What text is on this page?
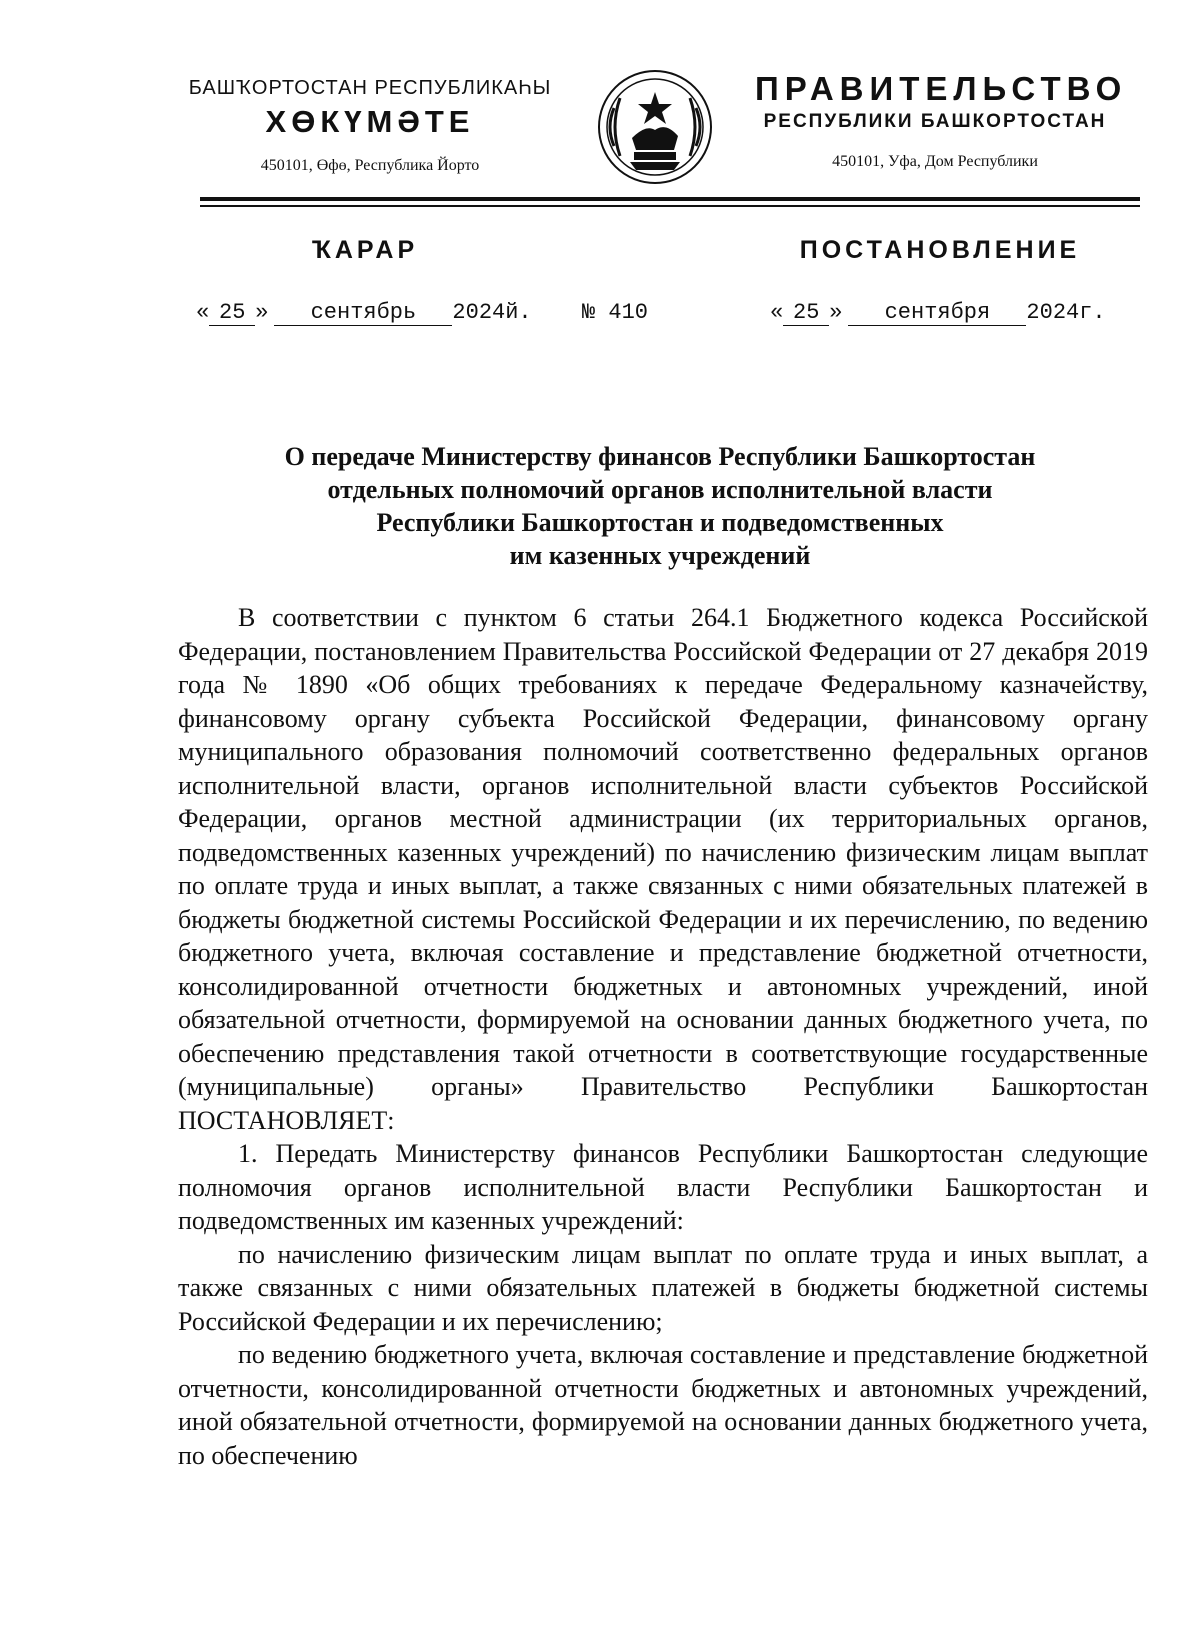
БАШҠОРТОСТАН РЕСПУБЛИКАҺЫ
ХӨКҮМӘТЕ
450101, Өфө, Республика Йорто
ПРАВИТЕЛЬСТВО
РЕСПУБЛИКИ БАШКОРТОСТАН
450101, Уфа, Дом Республики
ҠАРАР	ПОСТАНОВЛЕНИЕ
« 25 » сентябрь 2024й. № 410	« 25 » сентября 2024г.
О передаче Министерству финансов Республики Башкортостан
отдельных полномочий органов исполнительной власти
Республики Башкортостан и подведомственных
им казенных учреждений

В соответствии с пунктом 6 статьи 264.1 Бюджетного кодекса Российской Федерации, постановлением Правительства Российской Федерации от 27 декабря 2019 года № 1890 «Об общих требованиях к передаче Федеральному казначейству, финансовому органу субъекта Российской Федерации, финансовому органу муниципального образования полномочий соответственно федеральных органов исполнительной власти, органов исполнительной власти субъектов Российской Федерации, органов местной администрации (их территориальных органов, подведомственных казенных учреждений) по начислению физическим лицам выплат по оплате труда и иных выплат, а также связанных с ними обязательных платежей в бюджеты бюджетной системы Российской Федерации и их перечислению, по ведению бюджетного учета, включая составление и представление бюджетной отчетности, консолидированной отчетности бюджетных и автономных учреждений, иной обязательной отчетности, формируемой на основании данных бюджетного учета, по обеспечению представления такой отчетности в соответствующие государственные (муниципальные) органы» Правительство Республики Башкортостан ПОСТАНОВЛЯЕТ:

1. Передать Министерству финансов Республики Башкортостан следующие полномочия органов исполнительной власти Республики Башкортостан и подведомственных им казенных учреждений:

по начислению физическим лицам выплат по оплате труда и иных выплат, а также связанных с ними обязательных платежей в бюджеты бюджетной системы Российской Федерации и их перечислению;

по ведению бюджетного учета, включая составление и представление бюджетной отчетности, консолидированной отчетности бюджетных и автономных учреждений, иной обязательной отчетности, формируемой на основании данных бюджетного учета, по обеспечению
